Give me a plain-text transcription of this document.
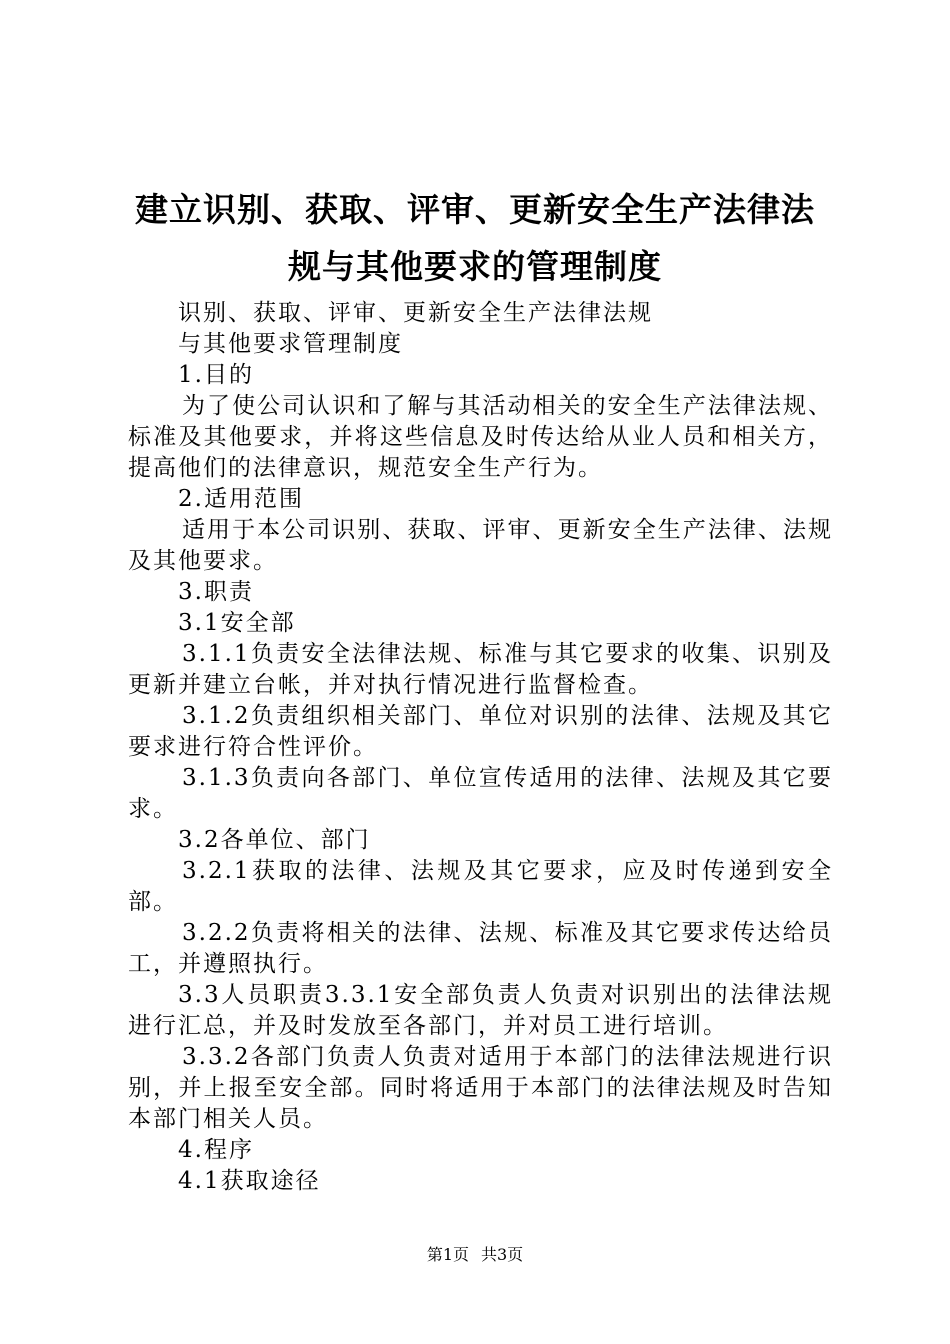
建立识别、获取、评审、更新安全生产法律法
规与其他要求的管理制度

识别、获取、评审、更新安全生产法律法规

与其他要求管理制度

1.目的

为了使公司认识和了解与其活动相关的安全生产法律法规、标准及其他要求，并将这些信息及时传达给从业人员和相关方，提高他们的法律意识，规范安全生产行为。

2.适用范围

适用于本公司识别、获取、评审、更新安全生产法律、法规及其他要求。

3.职责

3.1安全部

3.1.1负责安全法律法规、标准与其它要求的收集、识别及更新并建立台帐，并对执行情况进行监督检查。

3.1.2负责组织相关部门、单位对识别的法律、法规及其它要求进行符合性评价。

3.1.3负责向各部门、单位宣传适用的法律、法规及其它要求。

3.2各单位、部门

3.2.1获取的法律、法规及其它要求，应及时传递到安全部。

3.2.2负责将相关的法律、法规、标准及其它要求传达给员工，并遵照执行。

3.3人员职责3.3.1安全部负责人负责对识别出的法律法规进行汇总，并及时发放至各部门，并对员工进行培训。

3.3.2各部门负责人负责对适用于本部门的法律法规进行识别，并上报至安全部。同时将适用于本部门的法律法规及时告知本部门相关人员。

4.程序

4.1获取途径

第1页 共3页
